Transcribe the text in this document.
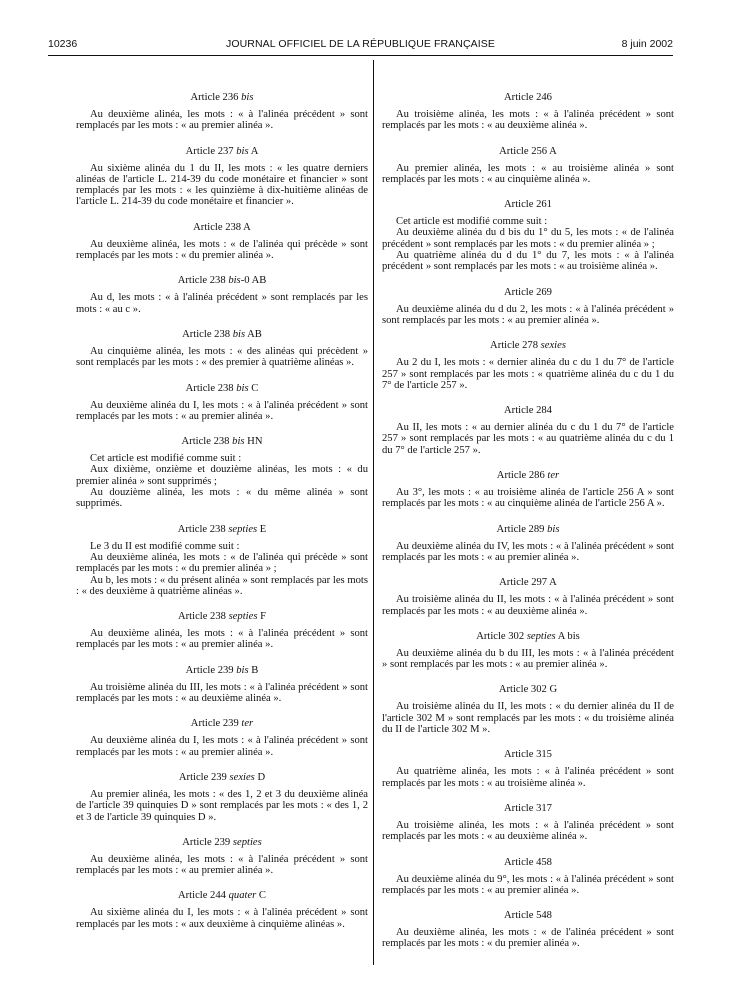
10236	JOURNAL OFFICIEL DE LA RÉPUBLIQUE FRANÇAISE	8 juin 2002
Article 236 bis

Au deuxième alinéa, les mots : « à l'alinéa précédent » sont remplacés par les mots : « au premier alinéa ».

Article 237 bis A

Au sixième alinéa du 1 du II, les mots : « les quatre derniers alinéas de l'article L. 214-39 du code monétaire et financier » sont remplacés par les mots : « les quinzième à dix-huitième alinéas de l'article L. 214-39 du code monétaire et financier ».

Article 238 A

Au deuxième alinéa, les mots : « de l'alinéa qui précède » sont remplacés par les mots : « du premier alinéa ».

Article 238 bis-0 AB

Au d, les mots : « à l'alinéa précédent » sont remplacés par les mots : « au c ».

Article 238 bis AB

Au cinquième alinéa, les mots : « des alinéas qui précèdent » sont remplacés par les mots : « des premier à quatrième alinéas ».

Article 238 bis C

Au deuxième alinéa du I, les mots : « à l'alinéa précédent » sont remplacés par les mots : « au premier alinéa ».

Article 238 bis HN

Cet article est modifié comme suit :

Aux dixième, onzième et douzième alinéas, les mots : « du premier alinéa » sont supprimés ;

Au douzième alinéa, les mots : « du même alinéa » sont supprimés.

Article 238 septies E

Le 3 du II est modifié comme suit :

Au deuxième alinéa, les mots : « de l'alinéa qui précède » sont remplacés par les mots : « du premier alinéa » ;

Au b, les mots : « du présent alinéa » sont remplacés par les mots : « des deuxième à quatrième alinéas ».

Article 238 septies F

Au deuxième alinéa, les mots : « à l'alinéa précédent » sont remplacés par les mots : « au premier alinéa ».

Article 239 bis B

Au troisième alinéa du III, les mots : « à l'alinéa précédent » sont remplacés par les mots : « au deuxième alinéa ».

Article 239 ter

Au deuxième alinéa du I, les mots : « à l'alinéa précédent » sont remplacés par les mots : « au premier alinéa ».

Article 239 sexies D

Au premier alinéa, les mots : « des 1, 2 et 3 du deuxième alinéa de l'article 39 quinquies D » sont remplacés par les mots : « des 1, 2 et 3 de l'article 39 quinquies D ».

Article 239 septies

Au deuxième alinéa, les mots : « à l'alinéa précédent » sont remplacés par les mots : « au premier alinéa ».

Article 244 quater C

Au sixième alinéa du I, les mots : « à l'alinéa précédent » sont remplacés par les mots : « aux deuxième à cinquième alinéas ».

Article 246

Au troisième alinéa, les mots : « à l'alinéa précédent » sont remplacés par les mots : « au deuxième alinéa ».

Article 256 A

Au premier alinéa, les mots : « au troisième alinéa » sont remplacés par les mots : « au cinquième alinéa ».

Article 261

Cet article est modifié comme suit :

Au deuxième alinéa du d bis du 1° du 5, les mots : « de l'alinéa précédent » sont remplacés par les mots : « du premier alinéa » ;

Au quatrième alinéa du d du 1° du 7, les mots : « à l'alinéa précédent » sont remplacés par les mots : « au troisième alinéa ».

Article 269

Au deuxième alinéa du d du 2, les mots : « à l'alinéa précédent » sont remplacés par les mots : « au premier alinéa ».

Article 278 sexies

Au 2 du I, les mots : « dernier alinéa du c du 1 du 7° de l'article 257 » sont remplacés par les mots : « quatrième alinéa du c du 1 du 7° de l'article 257 ».

Article 284

Au II, les mots : « au dernier alinéa du c du 1 du 7° de l'article 257 » sont remplacés par les mots : « au quatrième alinéa du c du 1 du 7° de l'article 257 ».

Article 286 ter

Au 3°, les mots : « au troisième alinéa de l'article 256 A » sont remplacés par les mots : « au cinquième alinéa de l'article 256 A ».

Article 289 bis

Au deuxième alinéa du IV, les mots : « à l'alinéa précédent » sont remplacés par les mots : « au premier alinéa ».

Article 297 A

Au troisième alinéa du II, les mots : « à l'alinéa précédent » sont remplacés par les mots : « au deuxième alinéa ».

Article 302 septies A bis

Au deuxième alinéa du b du III, les mots : « à l'alinéa précédent » sont remplacés par les mots : « au premier alinéa ».

Article 302 G

Au troisième alinéa du II, les mots : « du dernier alinéa du II de l'article 302 M » sont remplacés par les mots : « du troisième alinéa du II de l'article 302 M ».

Article 315

Au quatrième alinéa, les mots : « à l'alinéa précédent » sont remplacés par les mots : « au troisième alinéa ».

Article 317

Au troisième alinéa, les mots : « à l'alinéa précédent » sont remplacés par les mots : « au deuxième alinéa ».

Article 458

Au deuxième alinéa du 9°, les mots : « à l'alinéa précédent » sont remplacés par les mots : « au premier alinéa ».

Article 548

Au deuxième alinéa, les mots : « de l'alinéa précédent » sont remplacés par les mots : « du premier alinéa ».
